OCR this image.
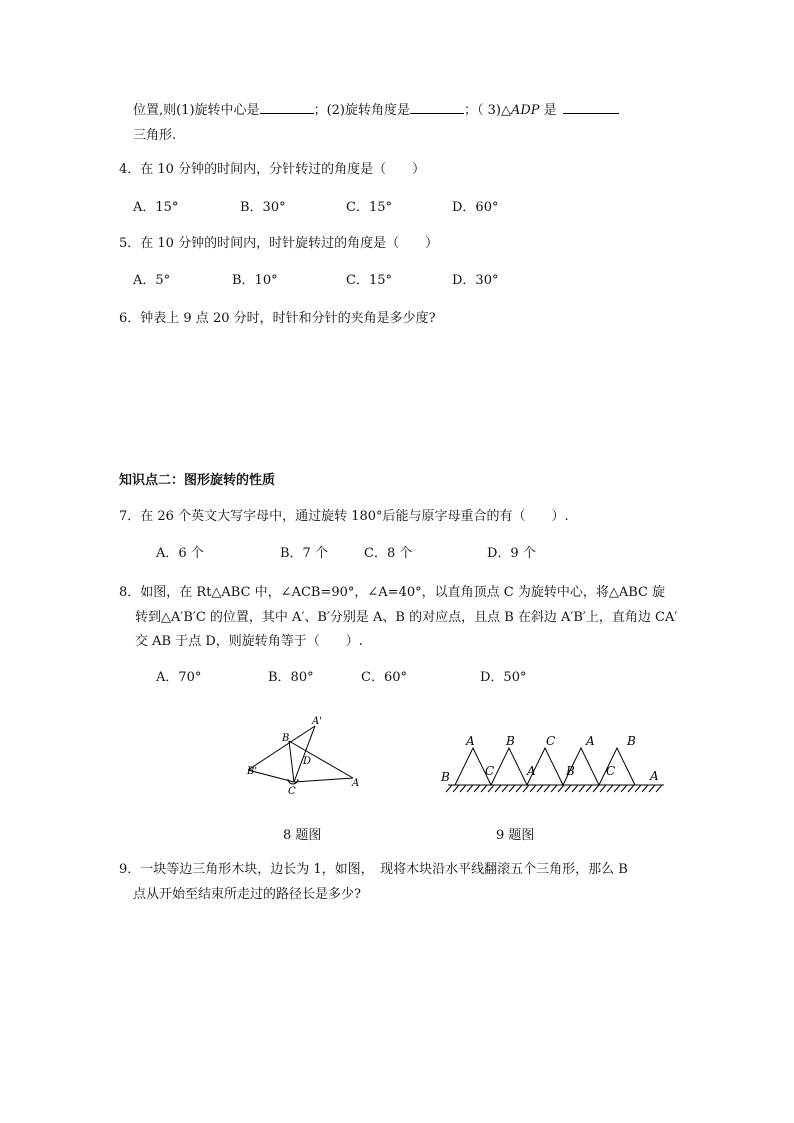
位置,则(1)旋转中心是	；(2)旋转角度是	；（ 3)△ADP 是
三角形.
4．在 10 分钟的时间内，分针转过的角度是（　　）
A．15°	B．30°	C．15°	D．60°
5．在 10 分钟的时间内，时针旋转过的角度是（　　）
A．5°	B．10°	C．15°	D．30°
6．钟表上 9 点 20 分时，时针和分针的夹角是多少度?
知识点二：图形旋转的性质
7．在 26 个英文大写字母中，通过旋转 180°后能与原字母重合的有（　　）.
A．6 个	B．7 个	C．8 个	D．9 个
8．如图，在 Rt△ABC 中，∠ACB=90°，∠A=40°，以直角顶点 C 为旋转中心，将△ABC 旋
转到△A′B′C 的位置，其中 A′、B′分别是 A、B 的对应点，且点 B 在斜边 A′B′上，直角边 CA′
交 AB 于点 D，则旋转角等于（　　）.
A．70°	B．80°	C．60°	D．50°
A'
B
D
B'
A
C
A	B	C	A	B
B	C	A	B	C	A
8 题图	9 题图
9．一块等边三角形木块，边长为 1，如图，　现将木块沿水平线翻滚五个三角形，那么 B
点从开始至结束所走过的路径长是多少?
